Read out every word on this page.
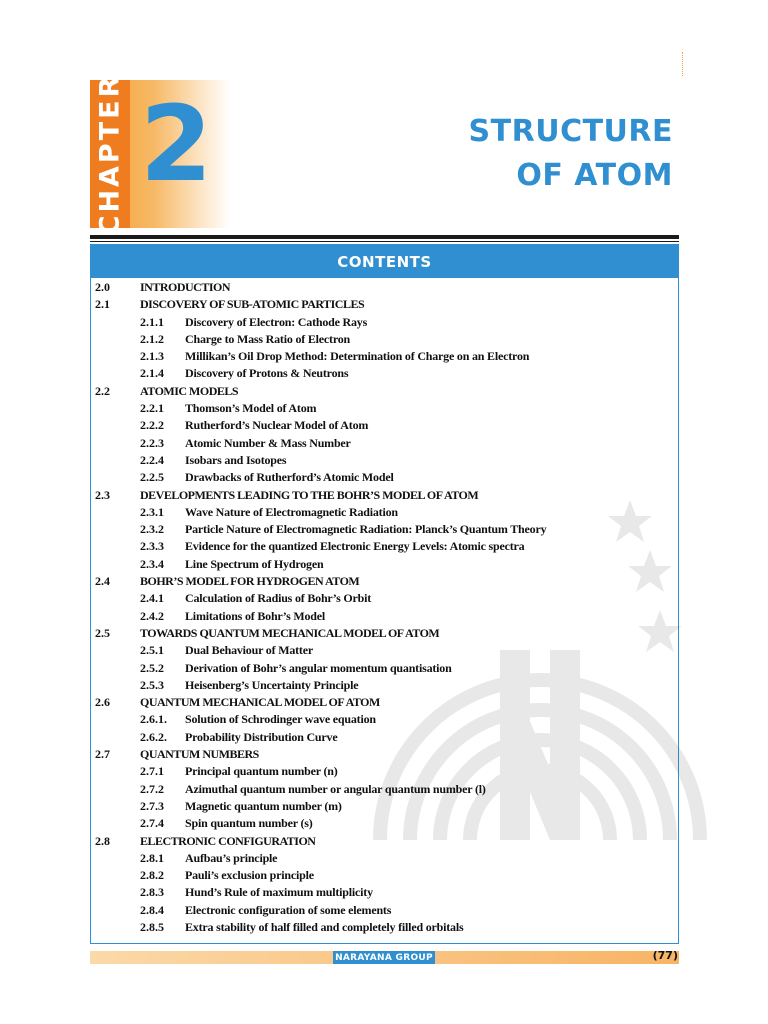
CHAPTER 2	STRUCTURE
OF ATOM
CONTENTS
2.0	INTRODUCTION
2.1	DISCOVERY OF SUB-ATOMIC PARTICLES
2.1.1 Discovery of Electron: Cathode Rays
2.1.2 Charge to Mass Ratio of Electron
2.1.3 Millikan’s Oil Drop Method: Determination of Charge on an Electron
2.1.4 Discovery of Protons & Neutrons
2.2	ATOMIC MODELS
2.2.1 Thomson’s Model of Atom
2.2.2 Rutherford’s Nuclear Model of Atom
2.2.3 Atomic Number & Mass Number
2.2.4 Isobars and Isotopes
2.2.5 Drawbacks of Rutherford’s Atomic Model
2.3	DEVELOPMENTS LEADING TO THE BOHR’S MODEL OF ATOM
2.3.1 Wave Nature of Electromagnetic Radiation
2.3.2 Particle Nature of Electromagnetic Radiation: Planck’s Quantum Theory
2.3.3 Evidence for the quantized Electronic Energy Levels: Atomic spectra
2.3.4 Line Spectrum of Hydrogen
2.4	BOHR’S MODEL FOR HYDROGEN ATOM
2.4.1 Calculation of Radius of Bohr’s Orbit
2.4.2 Limitations of Bohr’s Model
2.5	TOWARDS QUANTUM MECHANICAL MODEL OF ATOM
2.5.1 Dual Behaviour of Matter
2.5.2 Derivation of Bohr’s angular momentum quantisation
2.5.3 Heisenberg’s Uncertainty Principle
2.6	QUANTUM MECHANICAL MODEL OF ATOM
2.6.1. Solution of Schrodinger wave equation
2.6.2. Probability Distribution Curve
2.7	QUANTUM NUMBERS
2.7.1 Principal quantum number (n)
2.7.2 Azimuthal quantum number or angular quantum number (l)
2.7.3 Magnetic quantum number (m)
2.7.4 Spin quantum number (s)
2.8	ELECTRONIC CONFIGURATION
2.8.1 Aufbau’s principle
2.8.2 Pauli’s exclusion principle
2.8.3 Hund’s Rule of maximum multiplicity
2.8.4 Electronic configuration of some elements
2.8.5 Extra stability of half filled and completely filled orbitals
NARAYANA GROUP	(77)
